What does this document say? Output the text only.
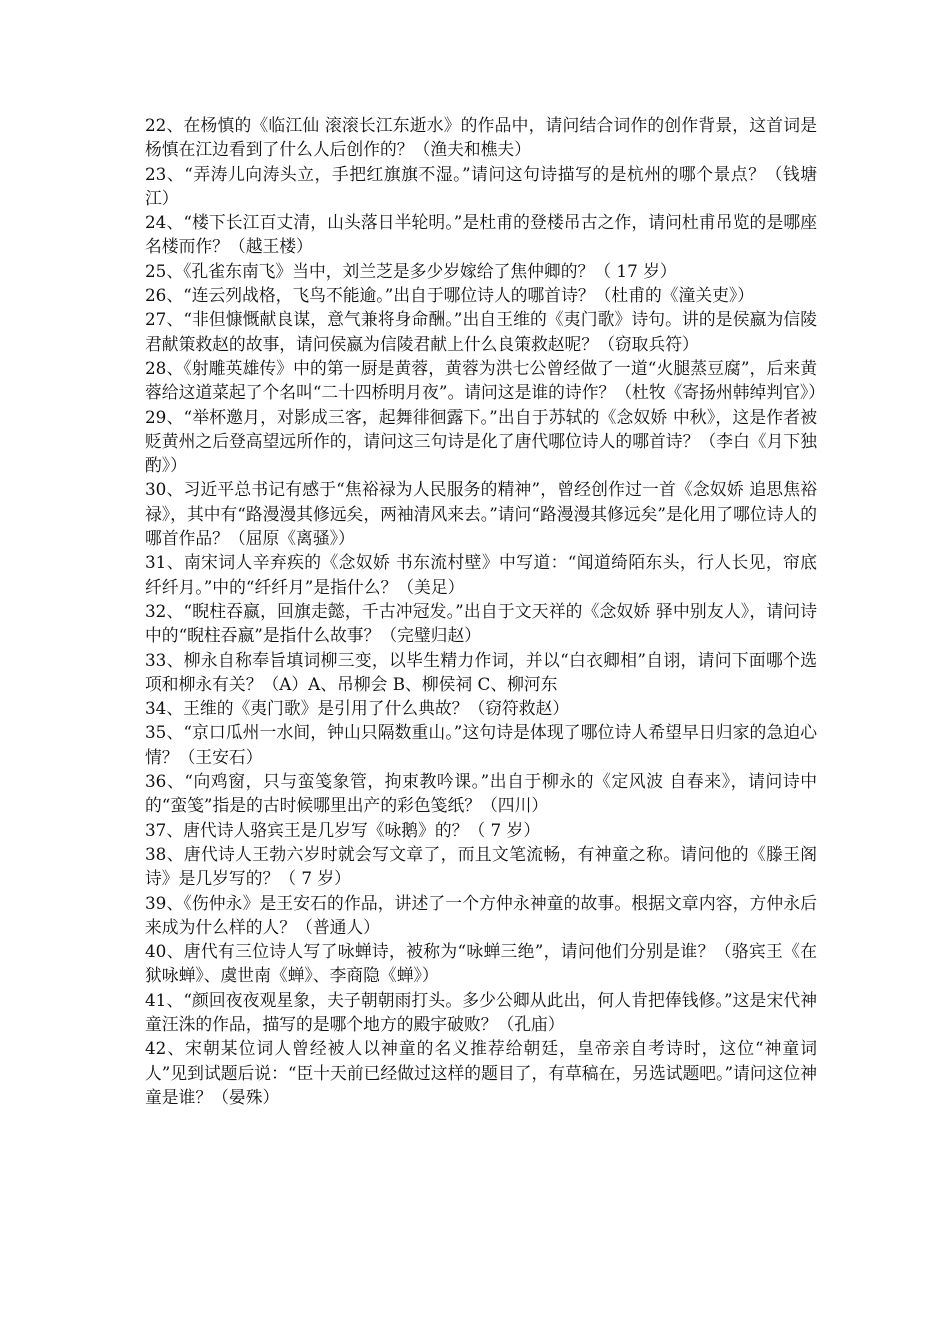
22、在杨慎的《临江仙 滚滚长江东逝水》的作品中，请问结合词作的创作背景，这首词是杨慎在江边看到了什么人后创作的？（渔夫和樵夫）

23、“弄涛儿向涛头立，手把红旗旗不湿。”请问这句诗描写的是杭州的哪个景点？（钱塘江）

24、“楼下长江百丈清，山头落日半轮明。”是杜甫的登楼吊古之作，请问杜甫吊览的是哪座名楼而作？（越王楼）

25、《孔雀东南飞》当中，刘兰芝是多少岁嫁给了焦仲卿的？（ 17 岁）

26、“连云列战格，飞鸟不能逾。”出自于哪位诗人的哪首诗？（杜甫的《潼关吏》）

27、“非但慷慨献良谋，意气兼将身命酬。”出自王维的《夷门歌》诗句。讲的是侯嬴为信陵君献策救赵的故事，请问侯嬴为信陵君献上什么良策救赵呢？（窃取兵符）

28、《射雕英雄传》中的第一厨是黄蓉，黄蓉为洪七公曾经做了一道“火腿蒸豆腐”，后来黄蓉给这道菜起了个名叫“二十四桥明月夜”。请问这是谁的诗作？（杜牧《寄扬州韩绰判官》）

29、“举杯邀月，对影成三客，起舞徘徊露下。”出自于苏轼的《念奴娇 中秋》，这是作者被贬黄州之后登高望远所作的，请问这三句诗是化了唐代哪位诗人的哪首诗？（李白《月下独酌》）

30、习近平总书记有感于“焦裕禄为人民服务的精神”，曾经创作过一首《念奴娇 追思焦裕禄》，其中有“路漫漫其修远矣，两袖清风来去。”请问“路漫漫其修远矣”是化用了哪位诗人的哪首作品？（屈原《离骚》）

31、南宋词人辛弃疾的《念奴娇 书东流村壁》中写道：“闻道绮陌东头，行人长见，帘底纤纤月。”中的“纤纤月”是指什么？（美足）

32、“睨柱吞嬴，回旗走懿，千古冲冠发。”出自于文天祥的《念奴娇 驿中别友人》，请问诗中的“睨柱吞嬴”是指什么故事？（完璧归赵）

33、柳永自称奉旨填词柳三变，以毕生精力作词，并以“白衣卿相”自诩，请问下面哪个选项和柳永有关？（A）A、吊柳会 B、柳侯祠 C、柳河东

34、王维的《夷门歌》是引用了什么典故？（窃符救赵）

35、“京口瓜州一水间，钟山只隔数重山。”这句诗是体现了哪位诗人希望早日归家的急迫心情？（王安石）

36、“向鸡窗，只与蛮笺象管，拘束教吟课。”出自于柳永的《定风波 自春来》，请问诗中的“蛮笺”指是的古时候哪里出产的彩色笺纸？（四川）

37、唐代诗人骆宾王是几岁写《咏鹅》的？（ 7 岁）

38、唐代诗人王勃六岁时就会写文章了，而且文笔流畅，有神童之称。请问他的《滕王阁诗》是几岁写的？（ 7 岁）

39、《伤仲永》是王安石的作品，讲述了一个方仲永神童的故事。根据文章内容，方仲永后来成为什么样的人？（普通人）

40、唐代有三位诗人写了咏蝉诗，被称为“咏蝉三绝”，请问他们分别是谁？（骆宾王《在狱咏蝉》、虞世南《蝉》、李商隐《蝉》）

41、“颜回夜夜观星象，夫子朝朝雨打头。多少公卿从此出，何人肯把俸钱修。”这是宋代神童汪洙的作品，描写的是哪个地方的殿宇破败？（孔庙）

42、宋朝某位词人曾经被人以神童的名义推荐给朝廷，皇帝亲自考诗时，这位“神童词人”见到试题后说：“臣十天前已经做过这样的题目了，有草稿在，另选试题吧。”请问这位神童是谁？（晏殊）
